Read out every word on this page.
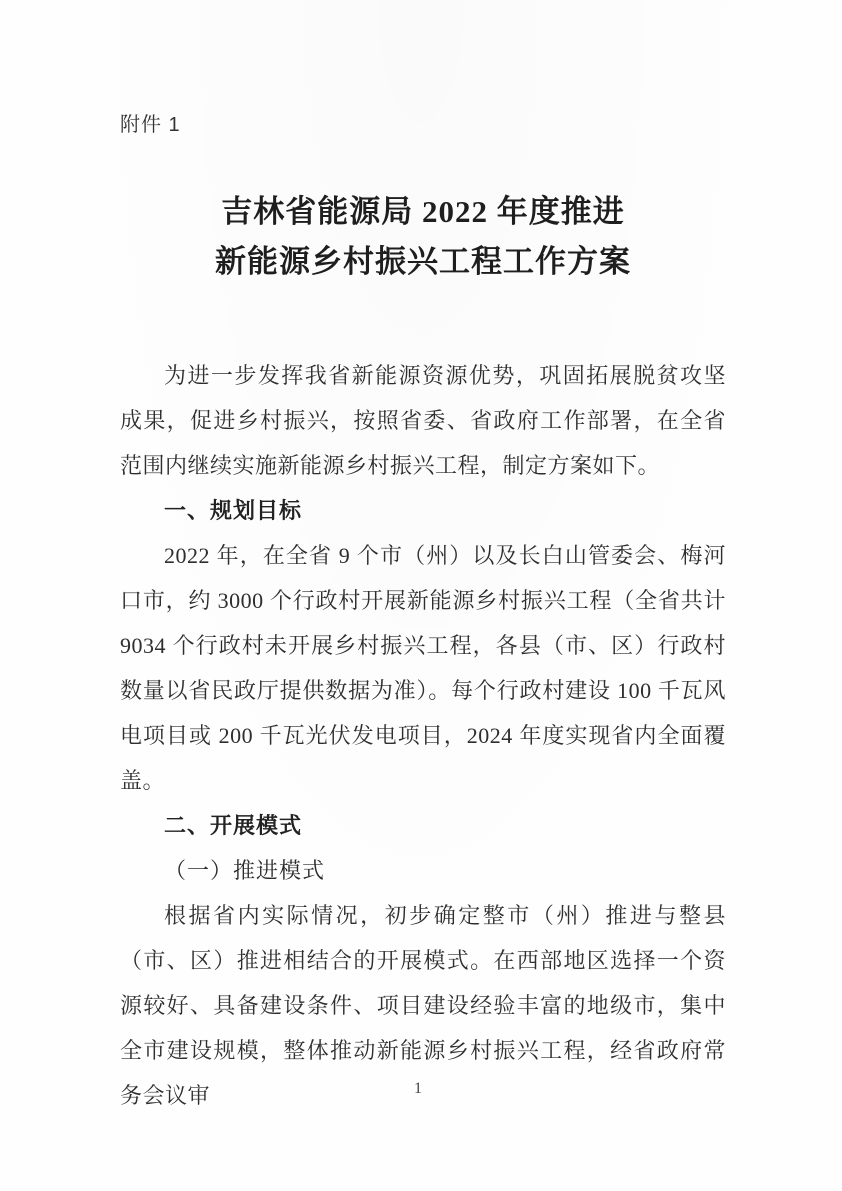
附件 1
吉林省能源局 2022 年度推进
新能源乡村振兴工程工作方案

为进一步发挥我省新能源资源优势，巩固拓展脱贫攻坚成果，促进乡村振兴，按照省委、省政府工作部署，在全省范围内继续实施新能源乡村振兴工程，制定方案如下。

一、规划目标

2022 年，在全省 9 个市（州）以及长白山管委会、梅河口市，约 3000 个行政村开展新能源乡村振兴工程（全省共计 9034 个行政村未开展乡村振兴工程，各县（市、区）行政村数量以省民政厅提供数据为准）。每个行政村建设 100 千瓦风电项目或 200 千瓦光伏发电项目，2024 年度实现省内全面覆盖。

二、开展模式
（一）推进模式

根据省内实际情况，初步确定整市（州）推进与整县（市、区）推进相结合的开展模式。在西部地区选择一个资源较好、具备建设条件、项目建设经验丰富的地级市，集中全市建设规模，整体推动新能源乡村振兴工程，经省政府常务会议审	1
